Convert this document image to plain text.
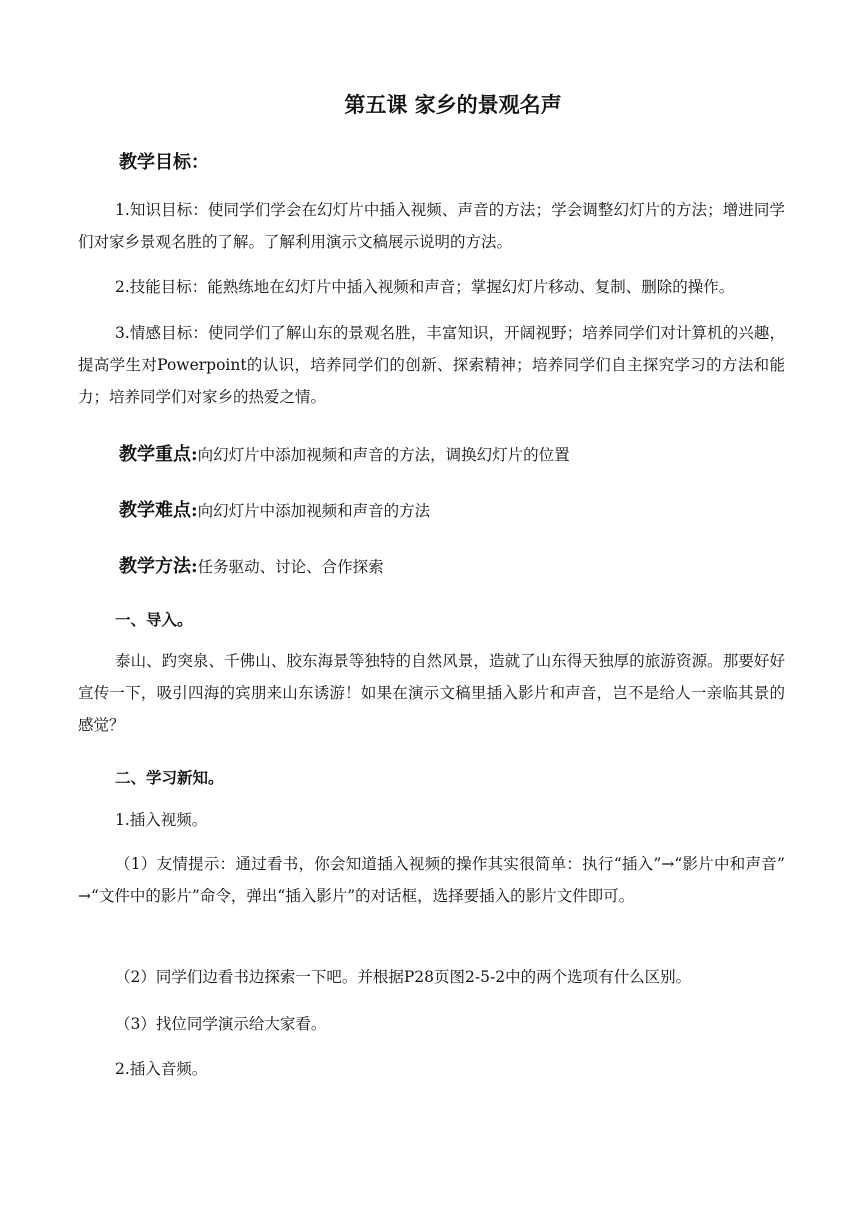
第五课 家乡的景观名声
教学目标：
1.知识目标：使同学们学会在幻灯片中插入视频、声音的方法；学会调整幻灯片的方法；增进同学们对家乡景观名胜的了解。了解利用演示文稿展示说明的方法。
2.技能目标：能熟练地在幻灯片中插入视频和声音；掌握幻灯片移动、复制、删除的操作。
3.情感目标：使同学们了解山东的景观名胜，丰富知识，开阔视野；培养同学们对计算机的兴趣，提高学生对Powerpoint的认识，培养同学们的创新、探索精神；培养同学们自主探究学习的方法和能力；培养同学们对家乡的热爱之情。
教学重点:向幻灯片中添加视频和声音的方法，调换幻灯片的位置
教学难点:向幻灯片中添加视频和声音的方法
教学方法:任务驱动、讨论、合作探索
一、导入。
泰山、趵突泉、千佛山、胶东海景等独特的自然风景，造就了山东得天独厚的旅游资源。那要好好宣传一下，吸引四海的宾朋来山东诱游！如果在演示文稿里插入影片和声音，岂不是给人一亲临其景的感觉？
二、学习新知。
1.插入视频。
（1）友情提示：通过看书，你会知道插入视频的操作其实很简单：执行“插入”→“影片中和声音” →“文件中的影片”命令，弹出“插入影片”的对话框，选择要插入的影片文件即可。
（2）同学们边看书边探索一下吧。并根据P28页图2-5-2中的两个选项有什么区别。
（3）找位同学演示给大家看。
2.插入音频。
